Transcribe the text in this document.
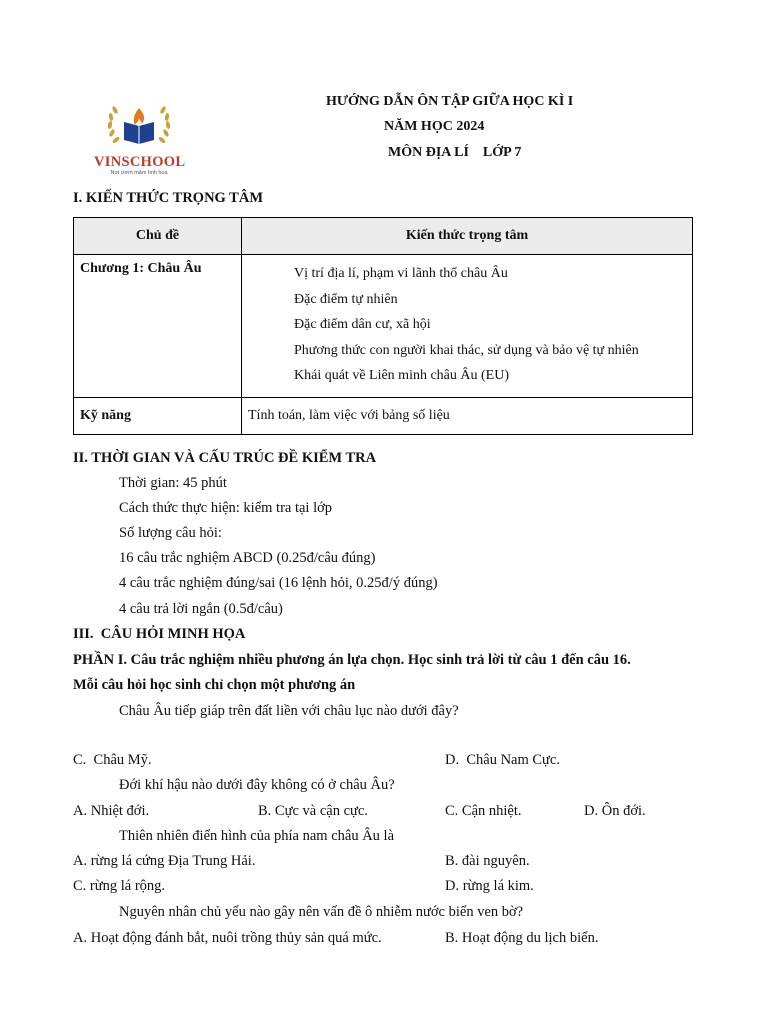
VINSCHOOL
Nơi ươm mầm tinh hoa
HƯỚNG DẪN ÔN TẬP GIỮA HỌC KÌ I
NĂM HỌC 2024
MÔN ĐỊA LÍ    LỚP 7
I. KIẾN THỨC TRỌNG TÂM
Chủ đề	Kiến thức trọng tâm
Chương 1: Châu Âu	Vị trí địa lí, phạm vi lãnh thổ châu Âu
Đặc điểm tự nhiên
Đặc điểm dân cư, xã hội
Phương thức con người khai thác, sử dụng và bảo vệ tự nhiên
Khái quát về Liên minh châu Âu (EU)

Kỹ năng	Tính toán, làm việc với bảng số liệu
II. THỜI GIAN VÀ CẤU TRÚC ĐỀ KIỂM TRA
Thời gian: 45 phút
Cách thức thực hiện: kiểm tra tại lớp
Số lượng câu hỏi:
16 câu trắc nghiệm ABCD (0.25đ/câu đúng)
4 câu trắc nghiệm đúng/sai (16 lệnh hỏi, 0.25đ/ý đúng)
4 câu trả lời ngắn (0.5đ/câu)
III.  CÂU HỎI MINH HỌA
PHẦN I. Câu trắc nghiệm nhiều phương án lựa chọn. Học sinh trả lời từ câu 1 đến câu 16.
Mỗi câu hỏi học sinh chỉ chọn một phương án
Châu Âu tiếp giáp trên đất liền với châu lục nào dưới đây?
C.  Châu Mỹ.	D.  Châu Nam Cực.
Đới khí hậu nào dưới đây không có ở châu Âu?
A. Nhiệt đới.	B. Cực và cận cực.	C. Cận nhiệt.	D. Ôn đới.
Thiên nhiên điển hình của phía nam châu Âu là
A. rừng lá cứng Địa Trung Hải.	B. đài nguyên.
C. rừng lá rộng.	D. rừng lá kim.
Nguyên nhân chủ yếu nào gây nên vấn đề ô nhiễm nước biển ven bờ?
A. Hoạt động đánh bắt, nuôi trồng thủy sản quá mức.	B. Hoạt động du lịch biển.
